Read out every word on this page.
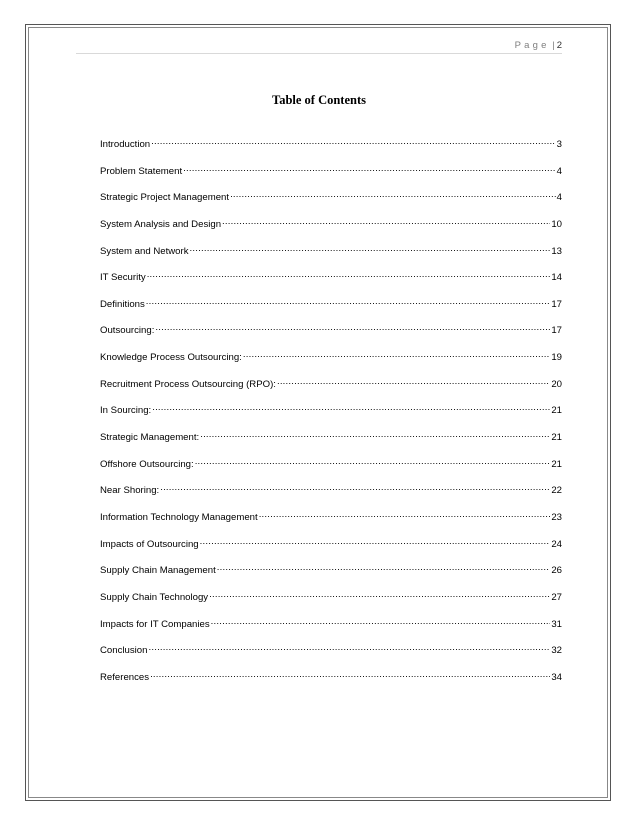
Page | 2
Table of Contents
Introduction .....	3
Problem Statement .....	4
Strategic Project Management .....	4
System Analysis and Design .....	10
System and Network .....	13
IT Security .....	14
Definitions .....	17
Outsourcing: .....	17
Knowledge Process Outsourcing: .....	19
Recruitment Process Outsourcing (RPO): .....	20
In Sourcing: .....	21
Strategic Management: .....	21
Offshore Outsourcing: .....	21
Near Shoring: .....	22
Information Technology Management .....	23
Impacts of Outsourcing .....	24
Supply Chain Management .....	26
Supply Chain Technology .....	27
Impacts for IT Companies .....	31
Conclusion .....	32
References .....	34
